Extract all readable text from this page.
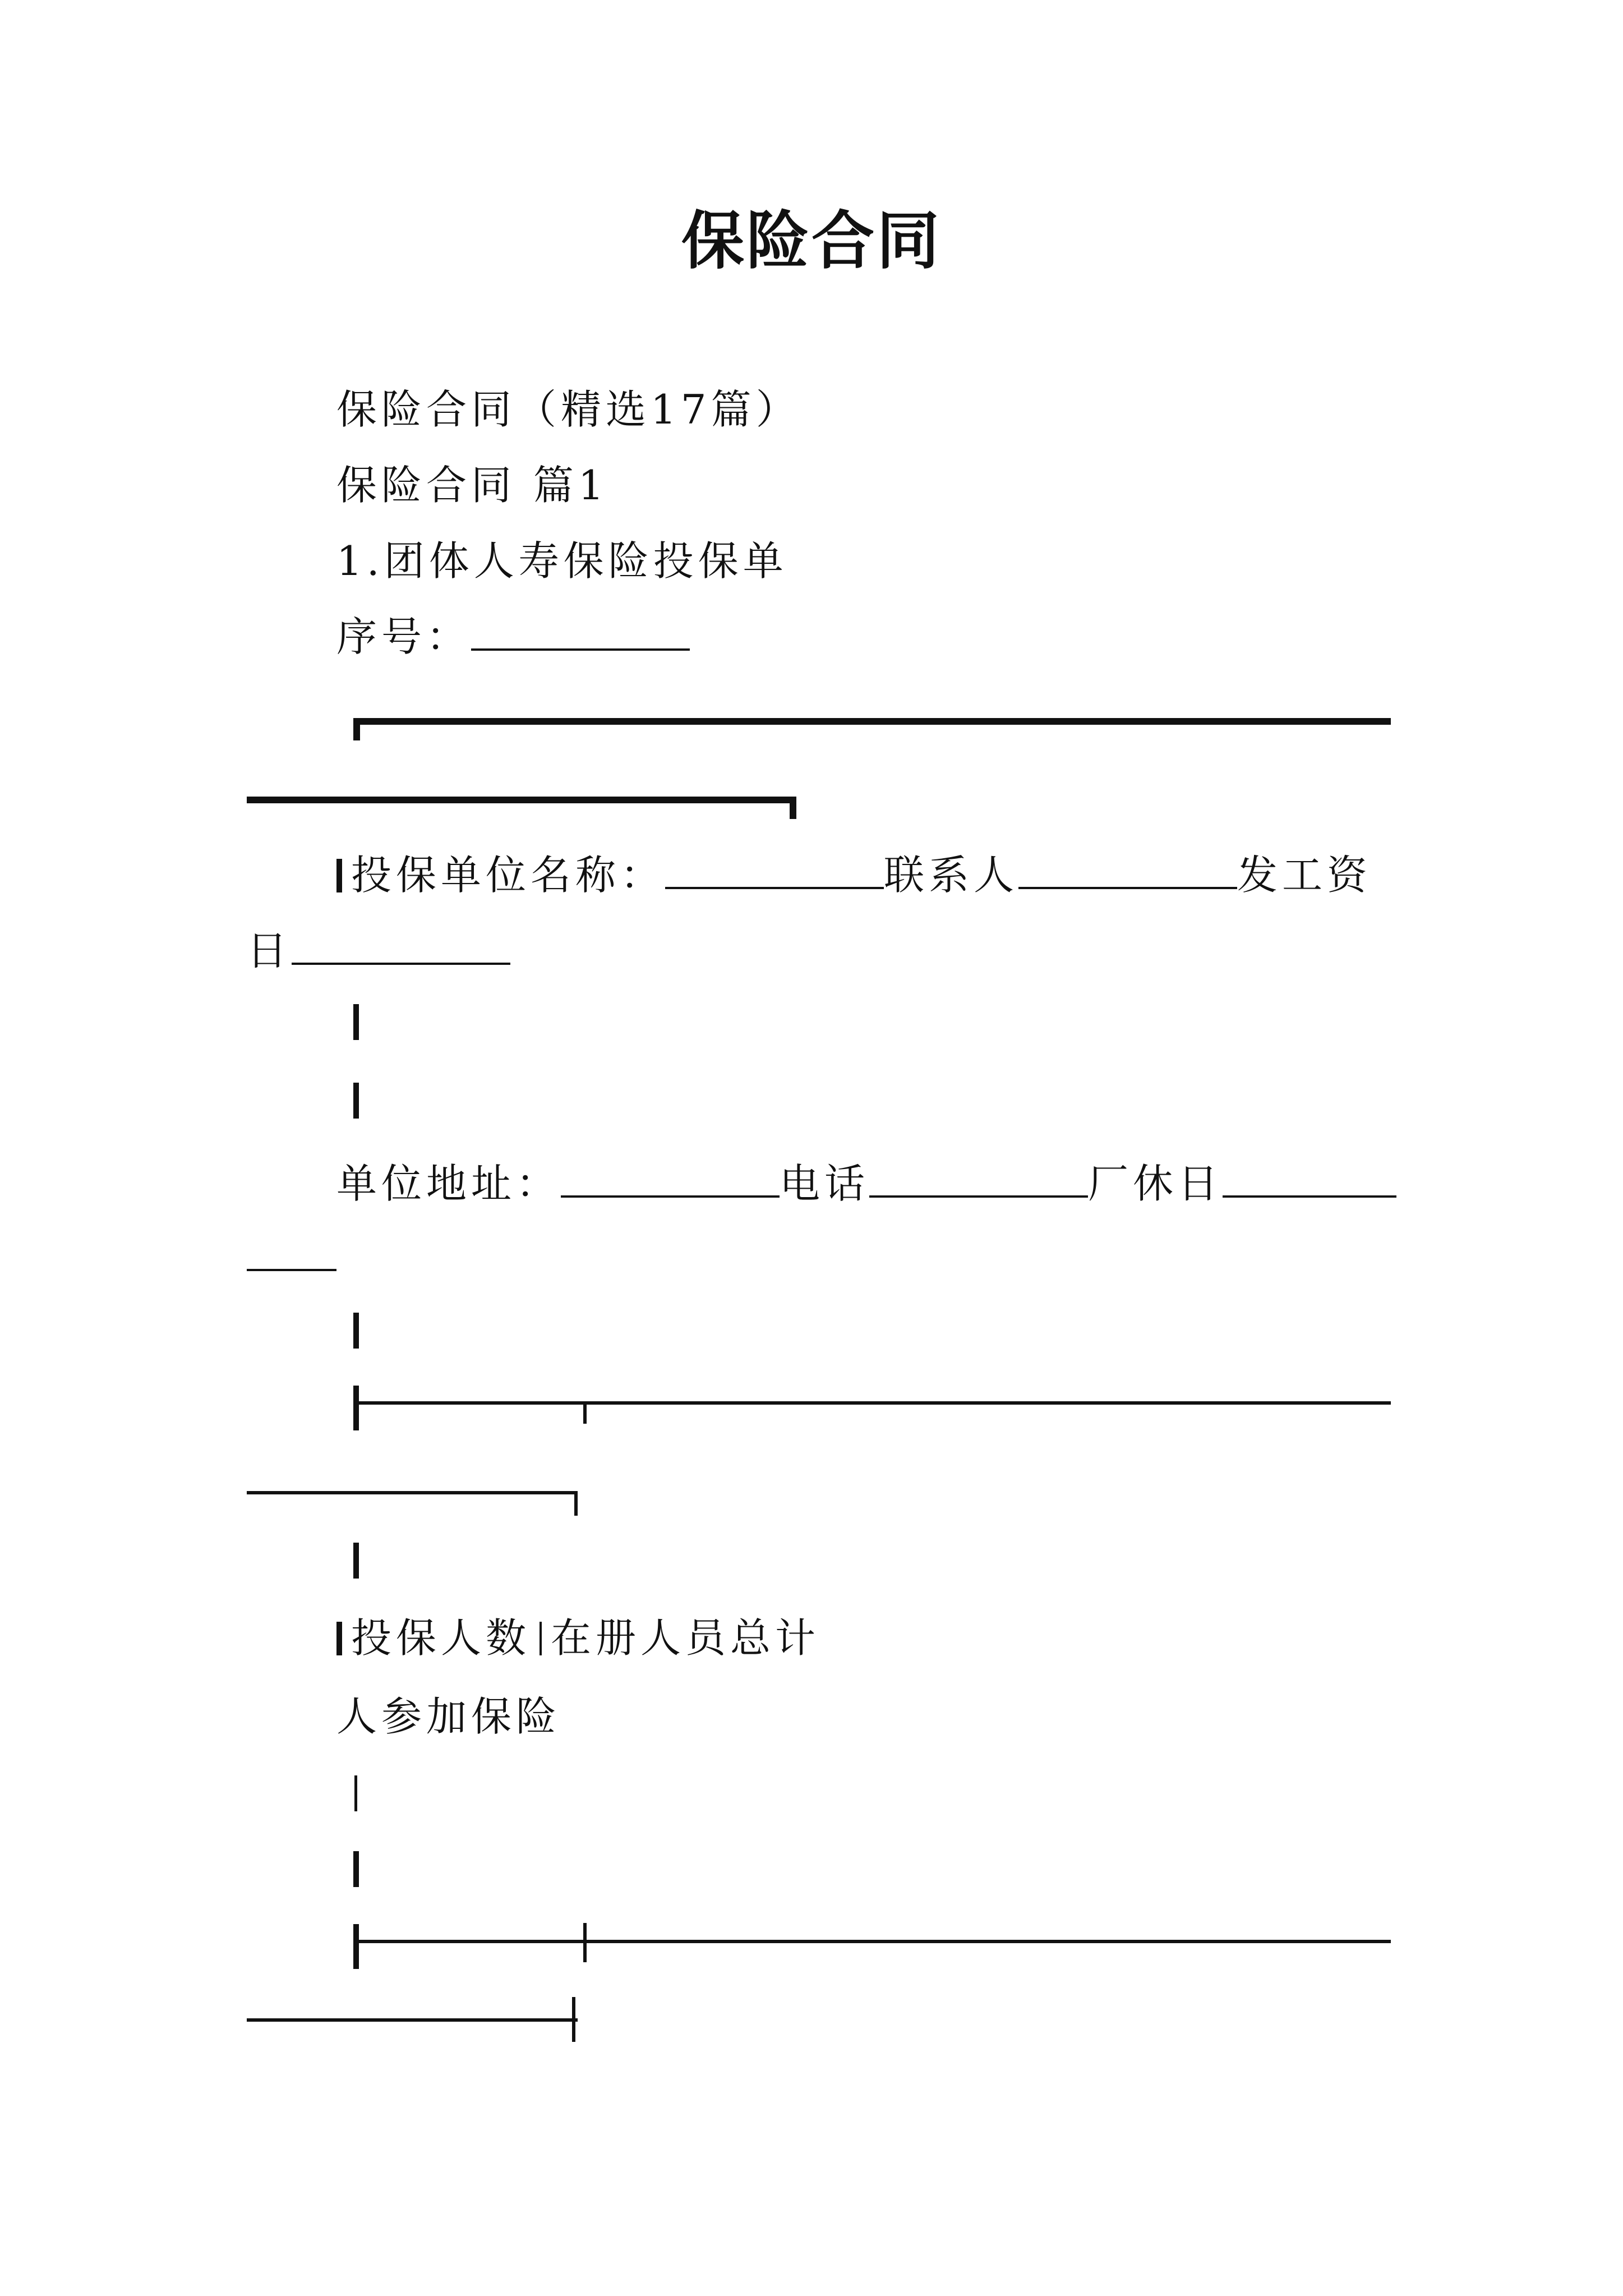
保险合同
保险合同（精选17篇）
保险合同 篇1
1.团体人寿保险投保单
序号：
投保单位名称：	联系人	发工资
日
单位地址：	电话	厂休日
投保人数 在册人员总计
人参加保险
